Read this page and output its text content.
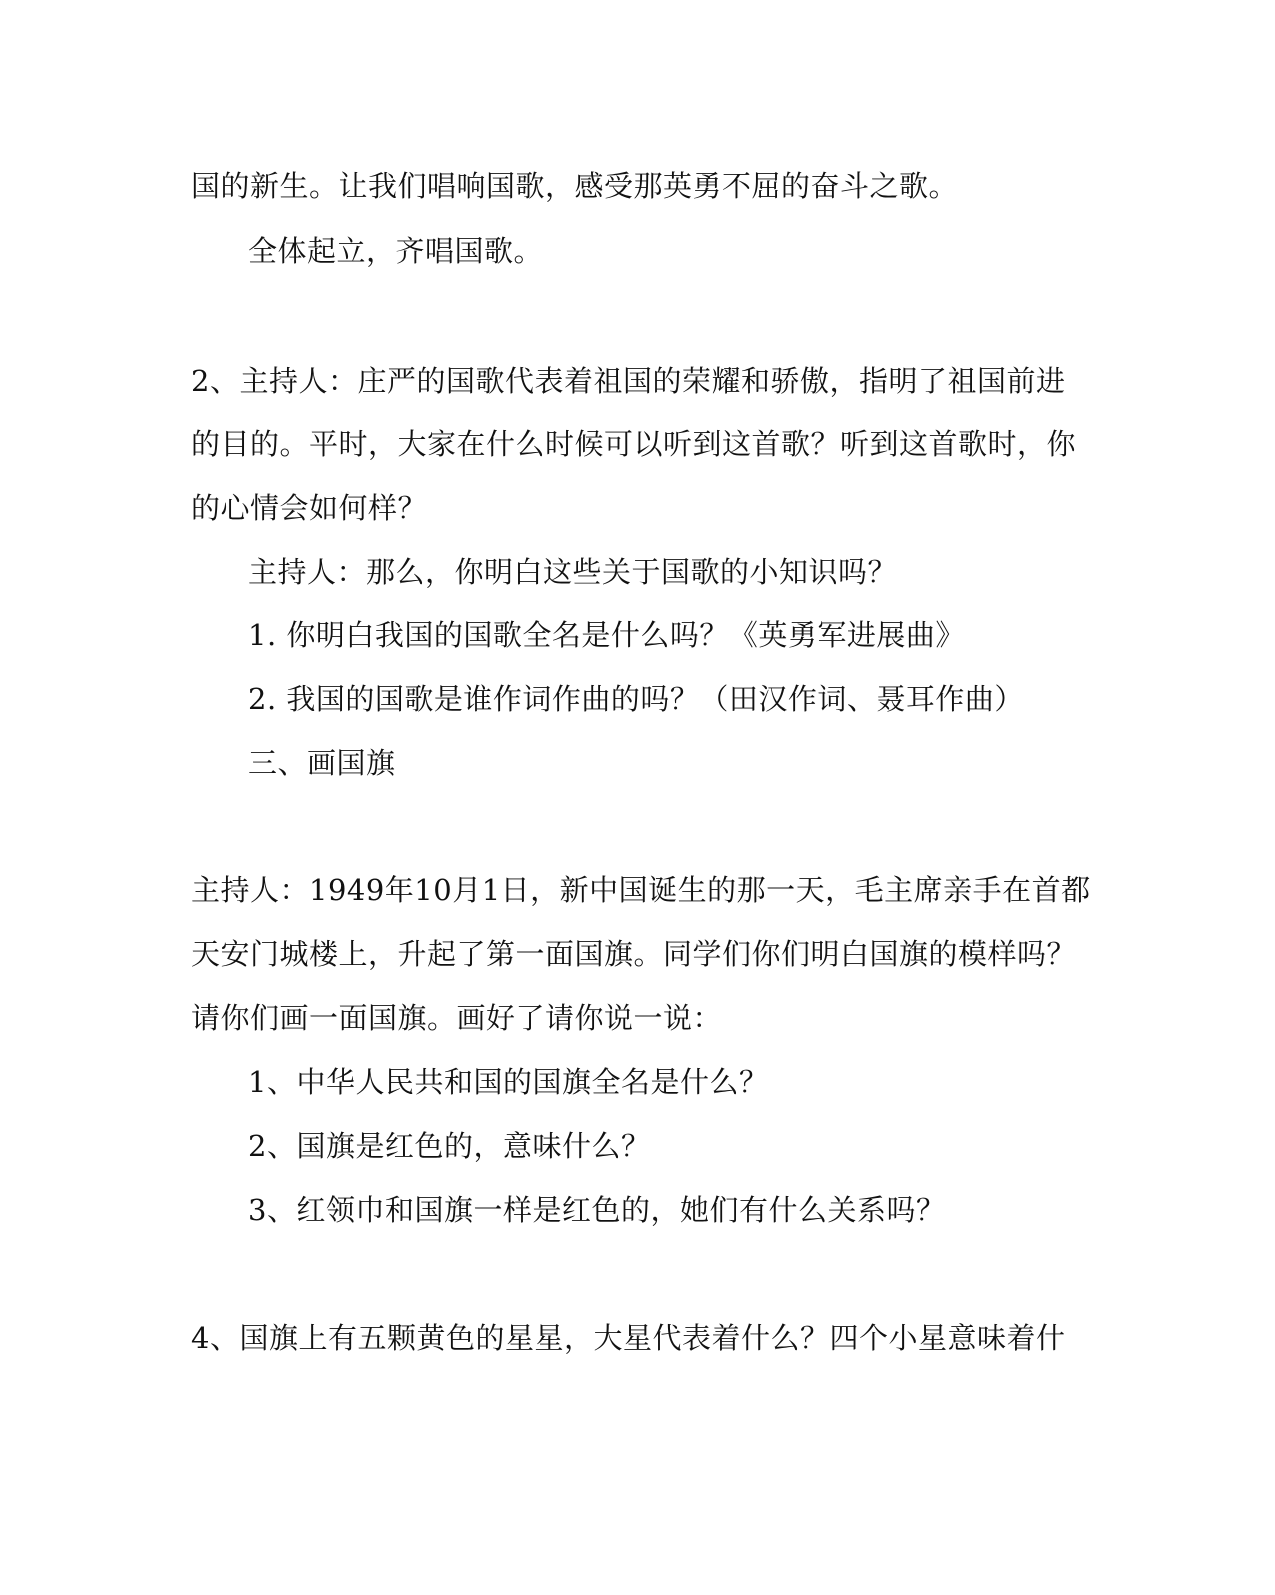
国的新生。让我们唱响国歌，感受那英勇不屈的奋斗之歌。
全体起立，齐唱国歌。
2、主持人：庄严的国歌代表着祖国的荣耀和骄傲，指明了祖国前进
的目的。平时，大家在什么时候可以听到这首歌？听到这首歌时，你
的心情会如何样？
主持人：那么，你明白这些关于国歌的小知识吗？
1. 你明白我国的国歌全名是什么吗？《英勇军进展曲》
2. 我国的国歌是谁作词作曲的吗？（田汉作词、聂耳作曲）
三、画国旗
主持人：1949年10月1日，新中国诞生的那一天，毛主席亲手在首都
天安门城楼上，升起了第一面国旗。同学们你们明白国旗的模样吗？
请你们画一面国旗。画好了请你说一说：
1、中华人民共和国的国旗全名是什么？
2、国旗是红色的，意味什么？
3、红领巾和国旗一样是红色的，她们有什么关系吗？
4、国旗上有五颗黄色的星星，大星代表着什么？四个小星意味着什
